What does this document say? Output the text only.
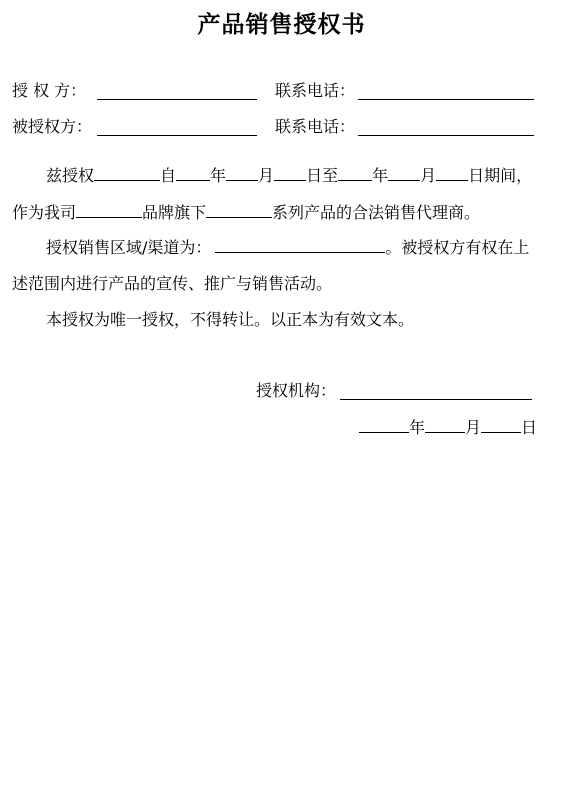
产品销售授权书
授 权 方：	联系电话：
被授权方：	联系电话：
兹授权	自 年 月 日至 年 月 日期间，
作为我司	品牌旗下	系列产品的合法销售代理商。
授权销售区域/渠道为：	。被授权方有权在上
述范围内进行产品的宣传、推广与销售活动。
本授权为唯一授权，不得转让。以正本为有效文本。
授权机构：
年	月	日
